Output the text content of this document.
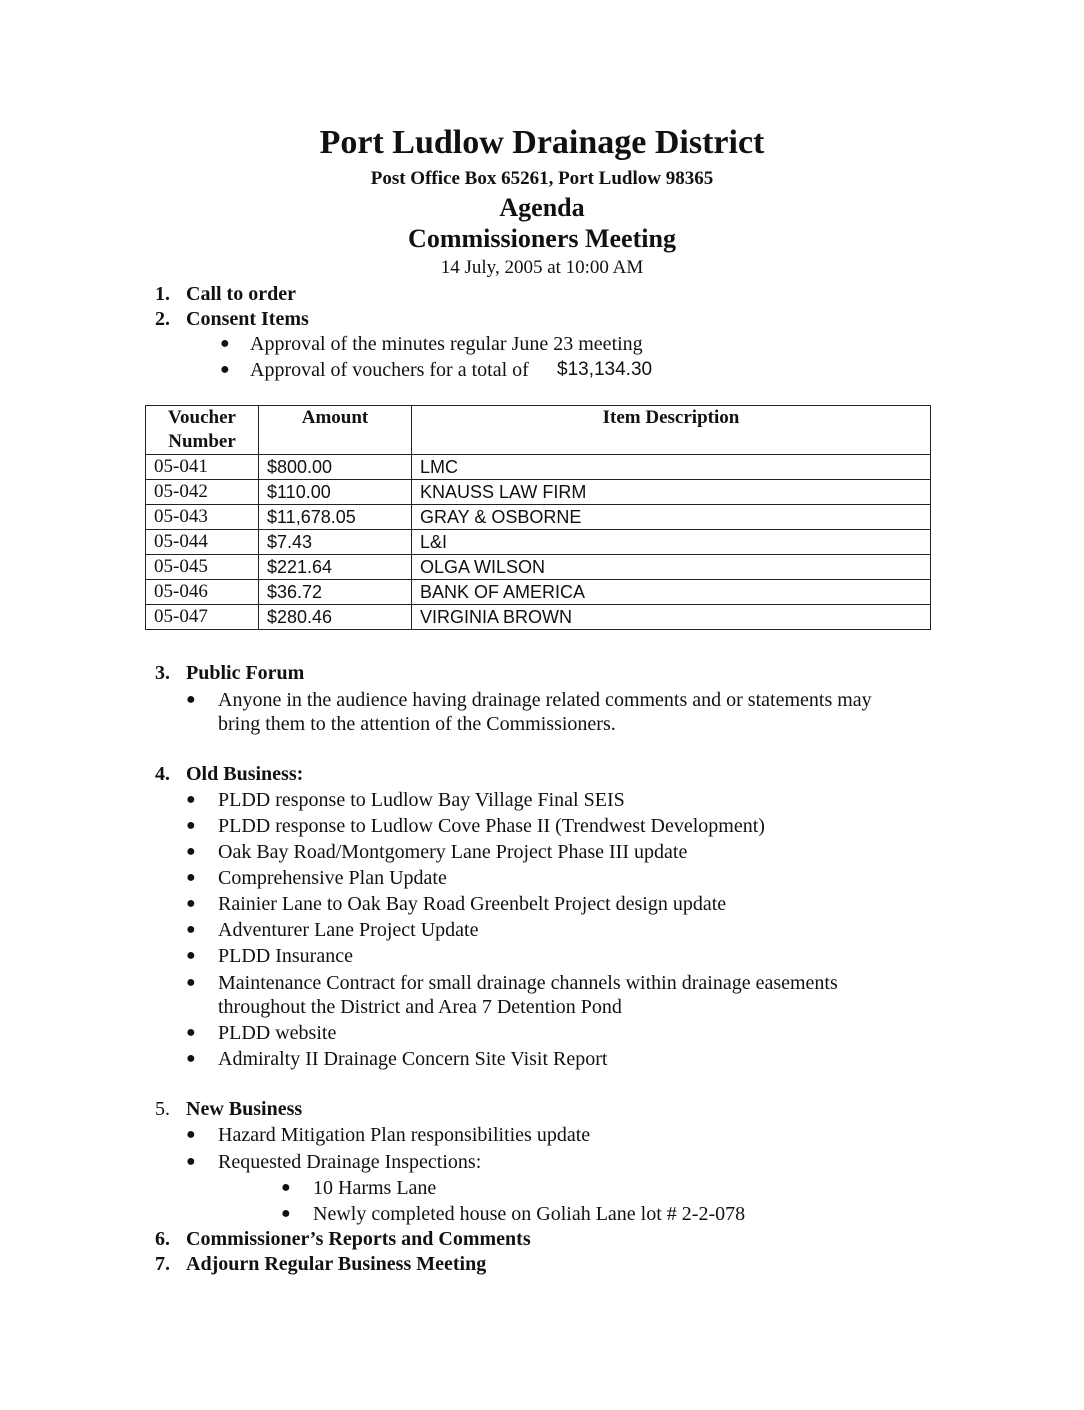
Port Ludlow Drainage District
Post Office Box 65261, Port Ludlow 98365
Agenda
Commissioners Meeting
14 July, 2005 at 10:00 AM
1. Call to order
2. Consent Items
● Approval of the minutes regular June 23 meeting
● Approval of vouchers for a total of $13,134.30
Voucher
Number	Amount	Item Description
05-041	$800.00	LMC
05-042	$110.00	KNAUSS LAW FIRM
05-043	$11,678.05	GRAY & OSBORNE
05-044	$7.43	L&I
05-045	$221.64	OLGA WILSON
05-046	$36.72	BANK OF AMERICA
05-047	$280.46	VIRGINIA BROWN
3. Public Forum
● Anyone in the audience having drainage related comments and or statements may
bring them to the attention of the Commissioners.
4. Old Business:
● PLDD response to Ludlow Bay Village Final SEIS
● PLDD response to Ludlow Cove Phase II (Trendwest Development)
● Oak Bay Road/Montgomery Lane Project Phase III update
● Comprehensive Plan Update
● Rainier Lane to Oak Bay Road Greenbelt Project design update
● Adventurer Lane Project Update
● PLDD Insurance
● Maintenance Contract for small drainage channels within drainage easements
throughout the District and Area 7 Detention Pond
● PLDD website
● Admiralty II Drainage Concern Site Visit Report
5. New Business
● Hazard Mitigation Plan responsibilities update
● Requested Drainage Inspections:
● 10 Harms Lane
● Newly completed house on Goliah Lane lot # 2-2-078
6. Commissioner’s Reports and Comments
7. Adjourn Regular Business Meeting
